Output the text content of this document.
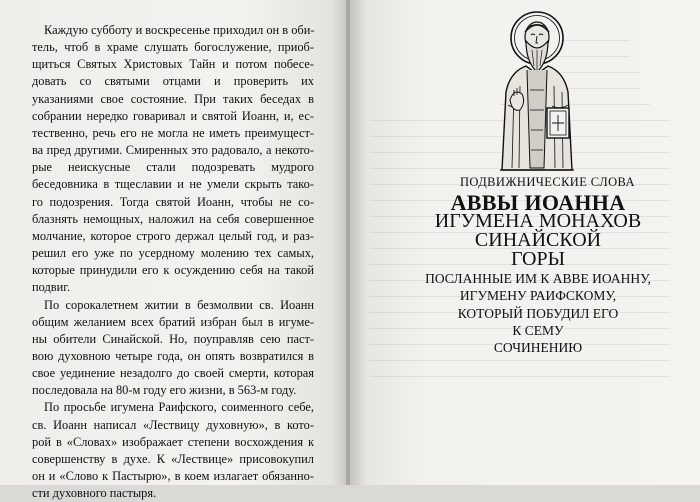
Каждую субботу и воскресенье приходил он в оби-
тель, чтоб в храме слушать богослужение, приоб-
щиться Святых Христовых Тайн и потом побесе-
довать со святыми отцами и проверить их
указаниями свое состояние. При таких беседах в
собрании нередко говаривал и святой Иоанн, и, ес-
тественно, речь его не могла не иметь преимущест-
ва пред другими. Смиренных это радовало, а некото-
рые неискусные стали подозревать мудрого
беседовника в тщеславии и не умели скрыть тако-
го подозрения. Тогда святой Иоанн, чтобы не со-
блазнять немощных, наложил на себя совершенное
молчание, которое строго держал целый год, и раз-
решил его уже по усердному молению тех самых,
которые принудили его к осуждению себя на такой
подвиг.
По сорокалетнем житии в безмолвии св. Иоанн
общим желанием всех братий избран был в игуме-
ны обители Синайской. Но, поуправляв сею паст-
вою духовною четыре года, он опять возвратился в
свое уединение незадолго до своей смерти, которая
последовала на 80-м году его жизни, в 563-м году.
По просьбе игумена Раифского, соименного себе,
св. Иоанн написал «Лествицу духовную», в кото-
рой в «Словах» изображает степени восхождения к
совершенству в духе. К «Лествице» присовокупил
он и «Слово к Пастырю», в коем излагает обязанно-
сти духовного пастыря.
ПОДВИЖНИЧЕСКИЕ СЛОВА
АВВЫ ИОАННА
ИГУМЕНА МОНАХОВ
СИНАЙСКОЙ
ГОРЫ
ПОСЛАННЫЕ ИМ К АВВЕ ИОАННУ,
ИГУМЕНУ РАИФСКОМУ,
КОТОРЫЙ ПОБУДИЛ ЕГО
К СЕМУ
СОЧИНЕНИЮ
